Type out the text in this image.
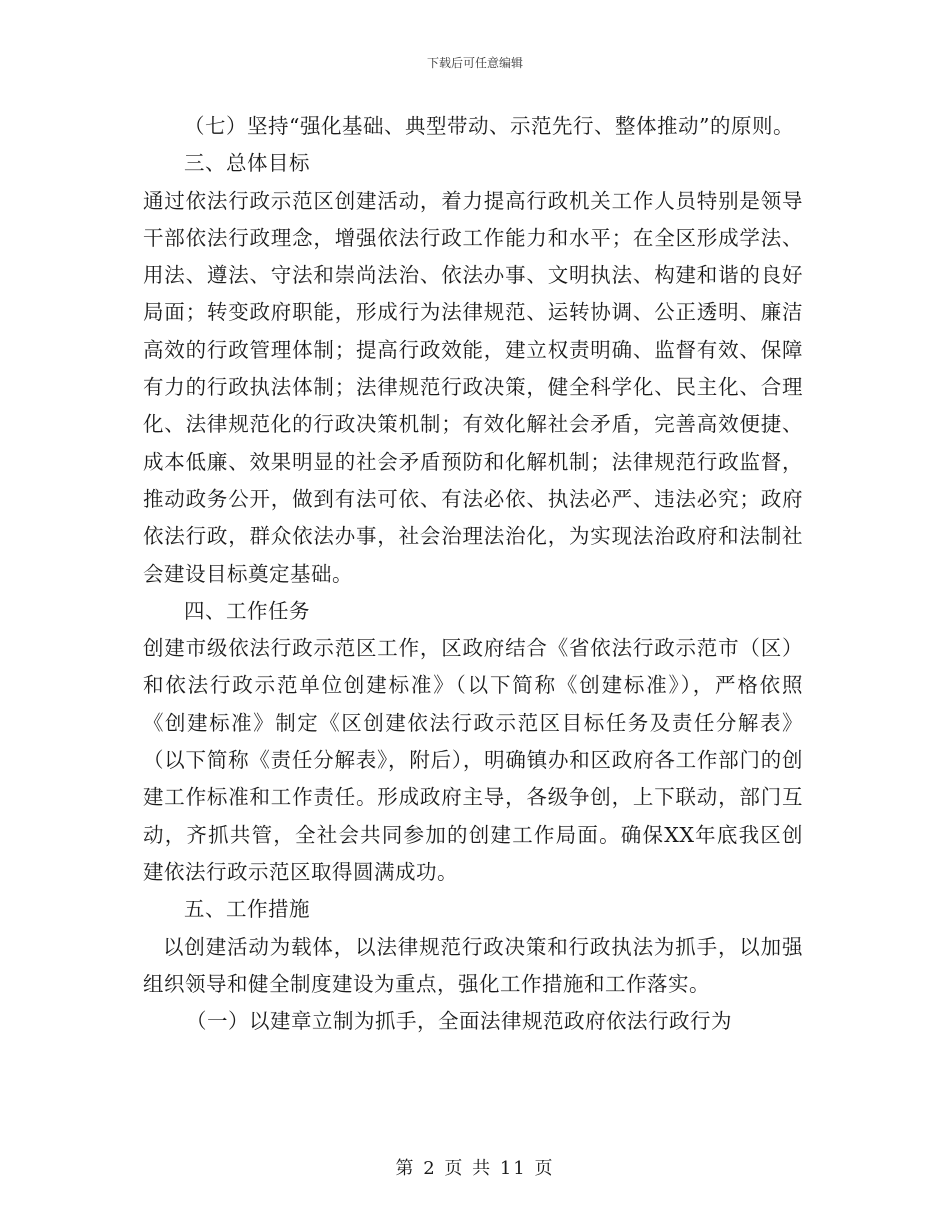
下载后可任意编辑

（七）坚持“强化基础、典型带动、示范先行、整体推动”的原则。

三、总体目标

通过依法行政示范区创建活动，着力提高行政机关工作人员特别是领导干部依法行政理念，增强依法行政工作能力和水平；在全区形成学法、用法、遵法、守法和崇尚法治、依法办事、文明执法、构建和谐的良好局面；转变政府职能，形成行为法律规范、运转协调、公正透明、廉洁高效的行政管理体制；提高行政效能，建立权责明确、监督有效、保障有力的行政执法体制；法律规范行政决策，健全科学化、民主化、合理化、法律规范化的行政决策机制；有效化解社会矛盾，完善高效便捷、成本低廉、效果明显的社会矛盾预防和化解机制；法律规范行政监督，推动政务公开，做到有法可依、有法必依、执法必严、违法必究；政府依法行政，群众依法办事，社会治理法治化，为实现法治政府和法制社会建设目标奠定基础。

四、工作任务

创建市级依法行政示范区工作，区政府结合《省依法行政示范市（区）和依法行政示范单位创建标准》（以下简称《创建标准》），严格依照《创建标准》制定《区创建依法行政示范区目标任务及责任分解表》（以下简称《责任分解表》，附后），明确镇办和区政府各工作部门的创建工作标准和工作责任。形成政府主导，各级争创，上下联动，部门互动，齐抓共管，全社会共同参加的创建工作局面。确保XX年底我区创建依法行政示范区取得圆满成功。

五、工作措施

以创建活动为载体，以法律规范行政决策和行政执法为抓手，以加强组织领导和健全制度建设为重点，强化工作措施和工作落实。

（一）以建章立制为抓手，全面法律规范政府依法行政行为

第 2 页 共 11 页
